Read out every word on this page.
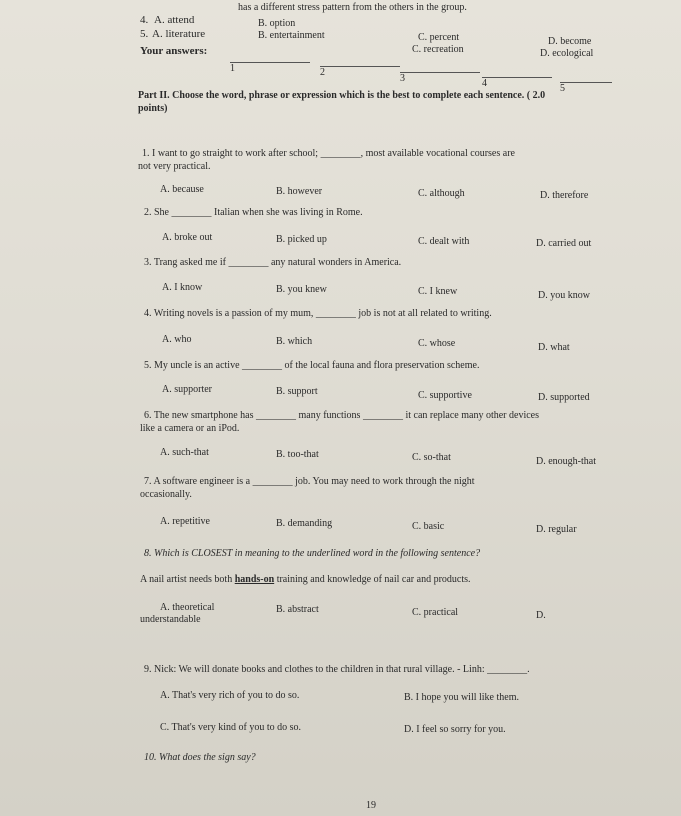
has a different stress pattern from the others in the group.
4. A. attend	B. option
C. percent	D. become
5. A. literature	B. entertainment
C. recreation	D. ecological
Your answers:
1	2
3	4	5
Part II. Choose the word, phrase or expression which is the best to complete each sentence. ( 2.0
points)
1. I want to go straight to work after school; ________, most available vocational courses are
not very practical.
A. because	B. however	C. although	D. therefore
2. She ________ Italian when she was living in Rome.
A. broke out	B. picked up	C. dealt with	D. carried out
3. Trang asked me if ________ any natural wonders in America.
A. I know	B. you knew	C. I knew	D. you know
4. Writing novels is a passion of my mum, ________ job is not at all related to writing.
A. who	B. which	C. whose	D. what
5. My uncle is an active ________ of the local fauna and flora preservation scheme.
A. supporter	B. support	C. supportive	D. supported
6. The new smartphone has ________ many functions ________ it can replace many other devices
like a camera or an iPod.
A. such-that	B. too-that	C. so-that	D. enough-that
7. A software engineer is a ________ job. You may need to work through the night
occasionally.
A. repetitive	B. demanding	C. basic	D. regular
8. Which is CLOSEST in meaning to the underlined word in the following sentence?
A nail artist needs both hands-on training and knowledge of nail car and products.
A. theoretical	B. abstract	C. practical	D.
understandable
9. Nick: We will donate books and clothes to the children in that rural village. - Linh: ________.
A. That's very rich of you to do so.	B. I hope you will like them.
C. That's very kind of you to do so.	D. I feel so sorry for you.
10. What does the sign say?
19
